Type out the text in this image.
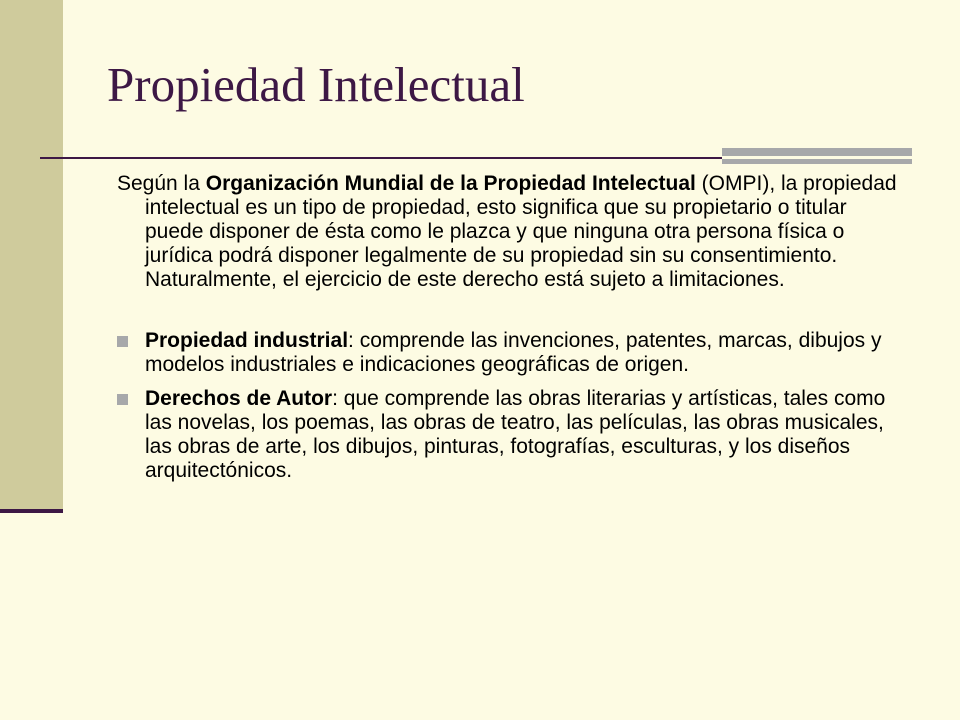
Propiedad Intelectual

Según la Organización Mundial de la Propiedad Intelectual (OMPI), la propiedad intelectual es un tipo de propiedad, esto significa que su propietario o titular puede disponer de ésta como le plazca y que ninguna otra persona física o jurídica podrá disponer legalmente de su propiedad sin su consentimiento. Naturalmente, el ejercicio de este derecho está sujeto a limitaciones.

Propiedad industrial: comprende las invenciones, patentes, marcas, dibujos y modelos industriales e indicaciones geográficas de origen.
Derechos de Autor: que comprende las obras literarias y artísticas, tales como las novelas, los poemas, las obras de teatro, las películas, las obras musicales, las obras de arte, los dibujos, pinturas, fotografías, esculturas, y los diseños arquitectónicos.
